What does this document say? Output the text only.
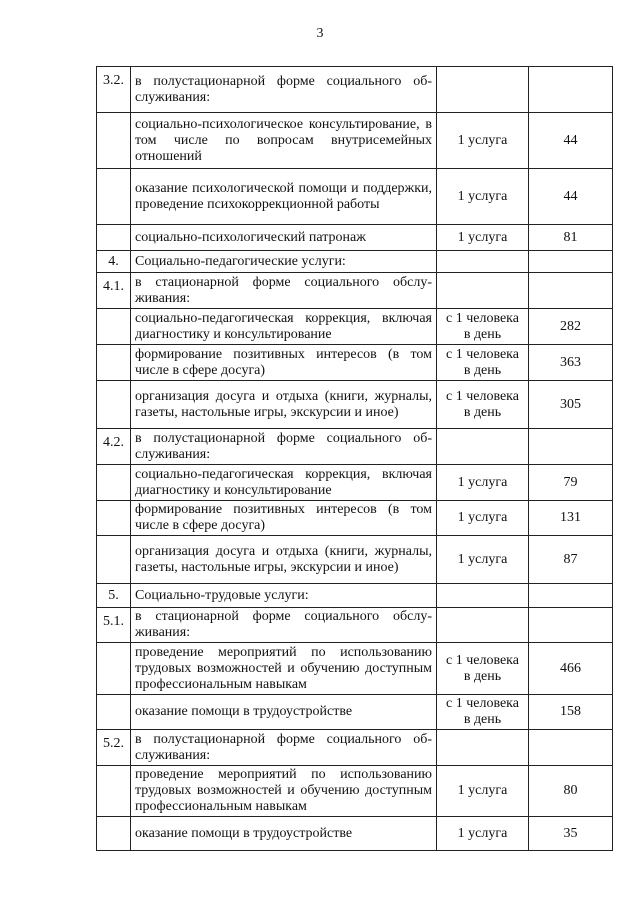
3
3.2.	в полустационарной форме социального обслуживания:		
	социально-психологическое консультирование, в том числе по вопросам внутрисемейных отношений	1 услуга	44
	оказание психологической помощи и поддержки, проведение психокоррекционной работы	1 услуга	44
	социально-психологический патронаж	1 услуга	81
4.	Социально-педагогические услуги:		
4.1.	в стационарной форме социального обслуживания:		
	социально-педагогическая коррекция, включая диагностику и консультирование	с 1 человека в день	282
	формирование позитивных интересов (в том числе в сфере досуга)	с 1 человека в день	363
	организация досуга и отдыха (книги, журналы, газеты, настольные игры, экскурсии и иное)	с 1 человека в день	305
4.2.	в полустационарной форме социального обслуживания:		
	социально-педагогическая коррекция, включая диагностику и консультирование	1 услуга	79
	формирование позитивных интересов (в том числе в сфере досуга)	1 услуга	131
	организация досуга и отдыха (книги, журналы, газеты, настольные игры, экскурсии и иное)	1 услуга	87
5.	Социально-трудовые услуги:		
5.1.	в стационарной форме социального обслуживания:		
	проведение мероприятий по использованию трудовых возможностей и обучению доступным профессиональным навыкам	с 1 человека в день	466
	оказание помощи в трудоустройстве	с 1 человека в день	158
5.2.	в полустационарной форме социального обслуживания:		
	проведение мероприятий по использованию трудовых возможностей и обучению доступным профессиональным навыкам	1 услуга	80
	оказание помощи в трудоустройстве	1 услуга	35
